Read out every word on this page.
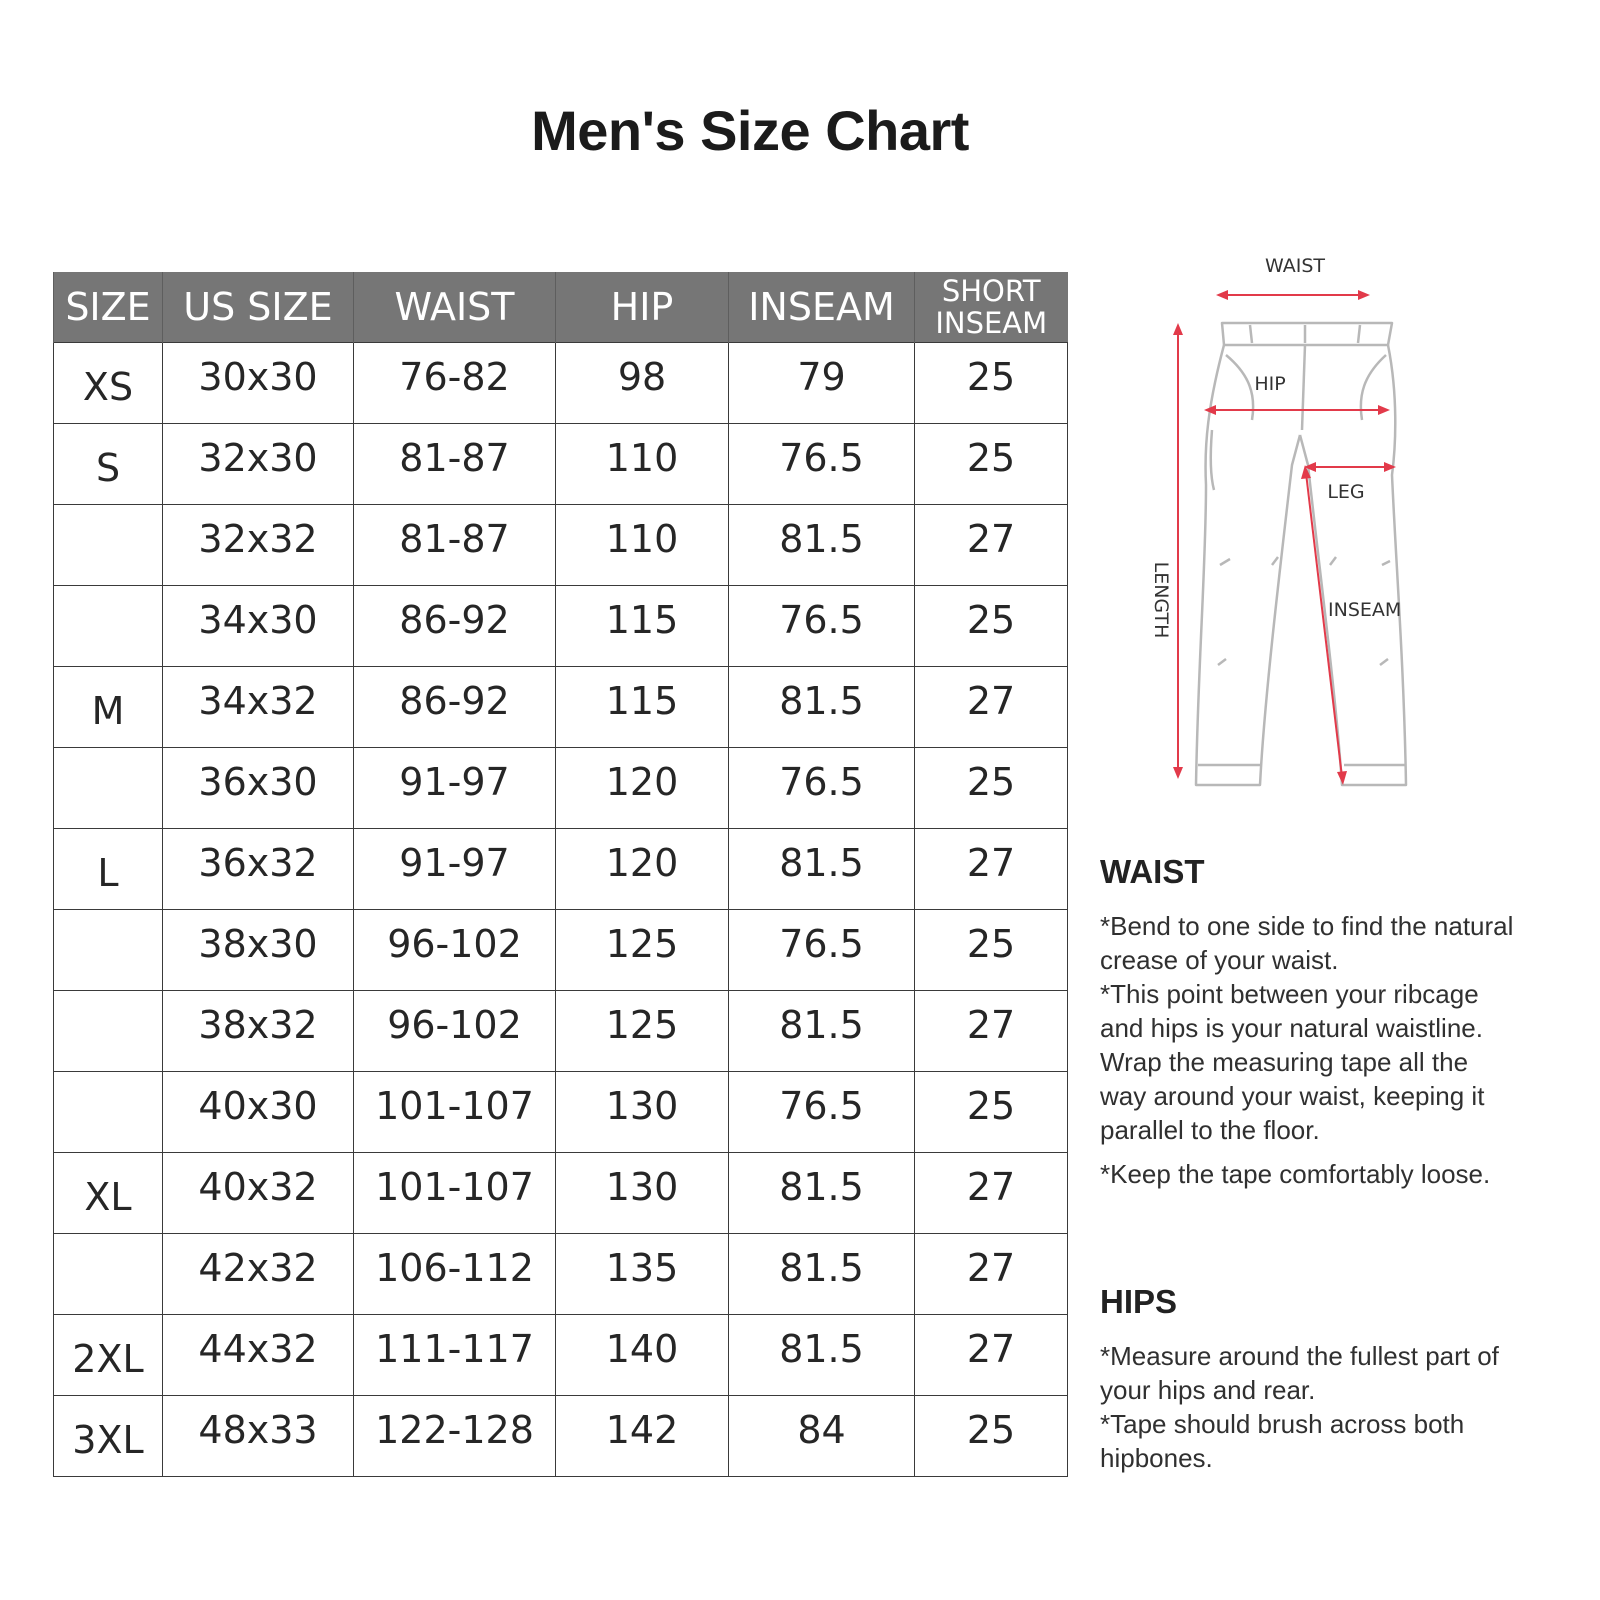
Men's Size Chart
SIZE	US SIZE	WAIST	HIP	INSEAM	SHORT
INSEAM
XS	30x30	76-82	98	79	25
S	32x30	81-87	110	76.5	25
	32x32	81-87	110	81.5	27
	34x30	86-92	115	76.5	25
M	34x32	86-92	115	81.5	27
	36x30	91-97	120	76.5	25
L	36x32	91-97	120	81.5	27
	38x30	96-102	125	76.5	25
	38x32	96-102	125	81.5	27
	40x30	101-107	130	76.5	25
XL	40x32	101-107	130	81.5	27
	42x32	106-112	135	81.5	27
2XL	44x32	111-117	140	81.5	27
3XL	48x33	122-128	142	84	25
WAIST
HIP
LEG
INSEAM
LENGTH
WAIST

*Bend to one side to find the natural
crease of your waist.

*This point between your ribcage
and hips is your natural waistline.
Wrap the measuring tape all the
way around your waist, keeping it
parallel to the floor.

*Keep the tape comfortably loose.

HIPS

*Measure around the fullest part of
your hips and rear.

*Tape should brush across both
hipbones.
